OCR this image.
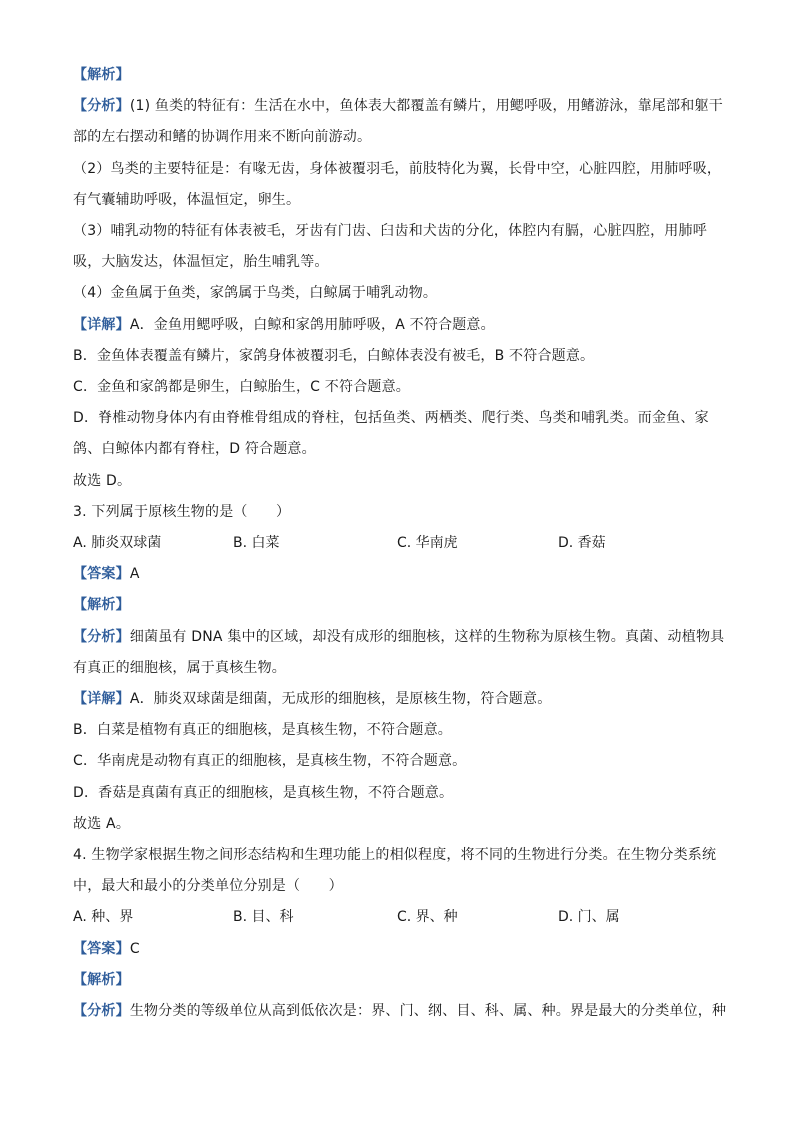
【解析】
【分析】(1) 鱼类的特征有：生活在水中，鱼体表大都覆盖有鳞片，用鳃呼吸，用鳍游泳，靠尾部和躯干
部的左右摆动和鳍的协调作用来不断向前游动。
（2）鸟类的主要特征是：有喙无齿，身体被覆羽毛，前肢特化为翼，长骨中空，心脏四腔，用肺呼吸，
有气囊辅助呼吸，体温恒定，卵生。
（3）哺乳动物的特征有体表被毛，牙齿有门齿、臼齿和犬齿的分化，体腔内有膈，心脏四腔，用肺呼
吸，大脑发达，体温恒定，胎生哺乳等。
（4）金鱼属于鱼类，家鸽属于鸟类，白鲸属于哺乳动物。
【详解】A．金鱼用鳃呼吸，白鲸和家鸽用肺呼吸，A 不符合题意。
B．金鱼体表覆盖有鳞片，家鸽身体被覆羽毛，白鲸体表没有被毛，B 不符合题意。
C．金鱼和家鸽都是卵生，白鲸胎生，C 不符合题意。
D．脊椎动物身体内有由脊椎骨组成的脊柱，包括鱼类、两栖类、爬行类、鸟类和哺乳类。而金鱼、家
鸽、白鲸体内都有脊柱，D 符合题意。
故选 D。
3. 下列属于原核生物的是（　　）
【答案】A
【解析】
【分析】细菌虽有 DNA 集中的区域，却没有成形的细胞核，这样的生物称为原核生物。真菌、动植物具
有真正的细胞核，属于真核生物。
【详解】A．肺炎双球菌是细菌，无成形的细胞核，是原核生物，符合题意。
B．白菜是植物有真正的细胞核，是真核生物，不符合题意。
C．华南虎是动物有真正的细胞核，是真核生物，不符合题意。
D．香菇是真菌有真正的细胞核，是真核生物，不符合题意。
故选 A。
4. 生物学家根据生物之间形态结构和生理功能上的相似程度，将不同的生物进行分类。在生物分类系统
中，最大和最小的分类单位分别是（　　）
【答案】C
【解析】
【分析】生物分类的等级单位从高到低依次是：界、门、纲、目、科、属、种。界是最大的分类单位，种
A. 肺炎双球菌	B. 白菜	C. 华南虎	D. 香菇
A. 种、界	B. 目、科	C. 界、种	D. 门、属
